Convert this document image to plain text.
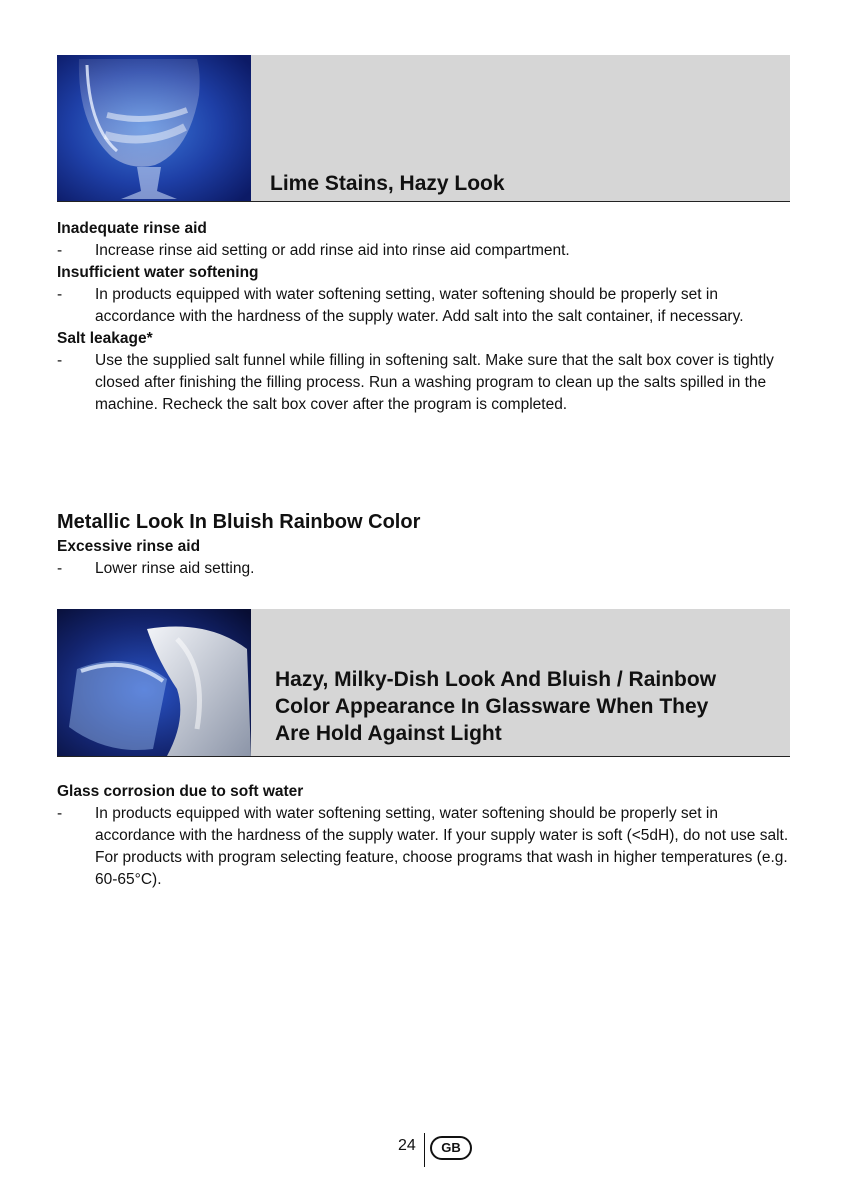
Lime Stains, Hazy Look
Inadequate rinse aid
-	Increase rinse aid setting or add rinse aid into rinse aid compartment.
Insufficient water softening
-	In products equipped with water softening setting, water softening should be properly set in accordance with the hardness of the supply water. Add salt into the salt container, if necessary.
Salt leakage*
-	Use the supplied salt funnel while filling in softening salt. Make sure that the salt box cover is tightly closed after finishing the filling process. Run a washing program to clean up the salts spilled in the machine. Recheck the salt box cover after the program is completed.
Metallic Look In Bluish Rainbow Color
Excessive rinse aid
-	Lower rinse aid setting.
Hazy, Milky-Dish Look And Bluish / Rainbow
Color Appearance In Glassware When They
Are Hold Against Light
Glass corrosion due to soft water
-	In products equipped with water softening setting, water softening should be properly set in accordance with the hardness of the supply water. If your supply water is soft (<5dH), do not use salt. For products with program selecting feature, choose programs that wash in higher temperatures (e.g. 60-65°C).
24	GB
